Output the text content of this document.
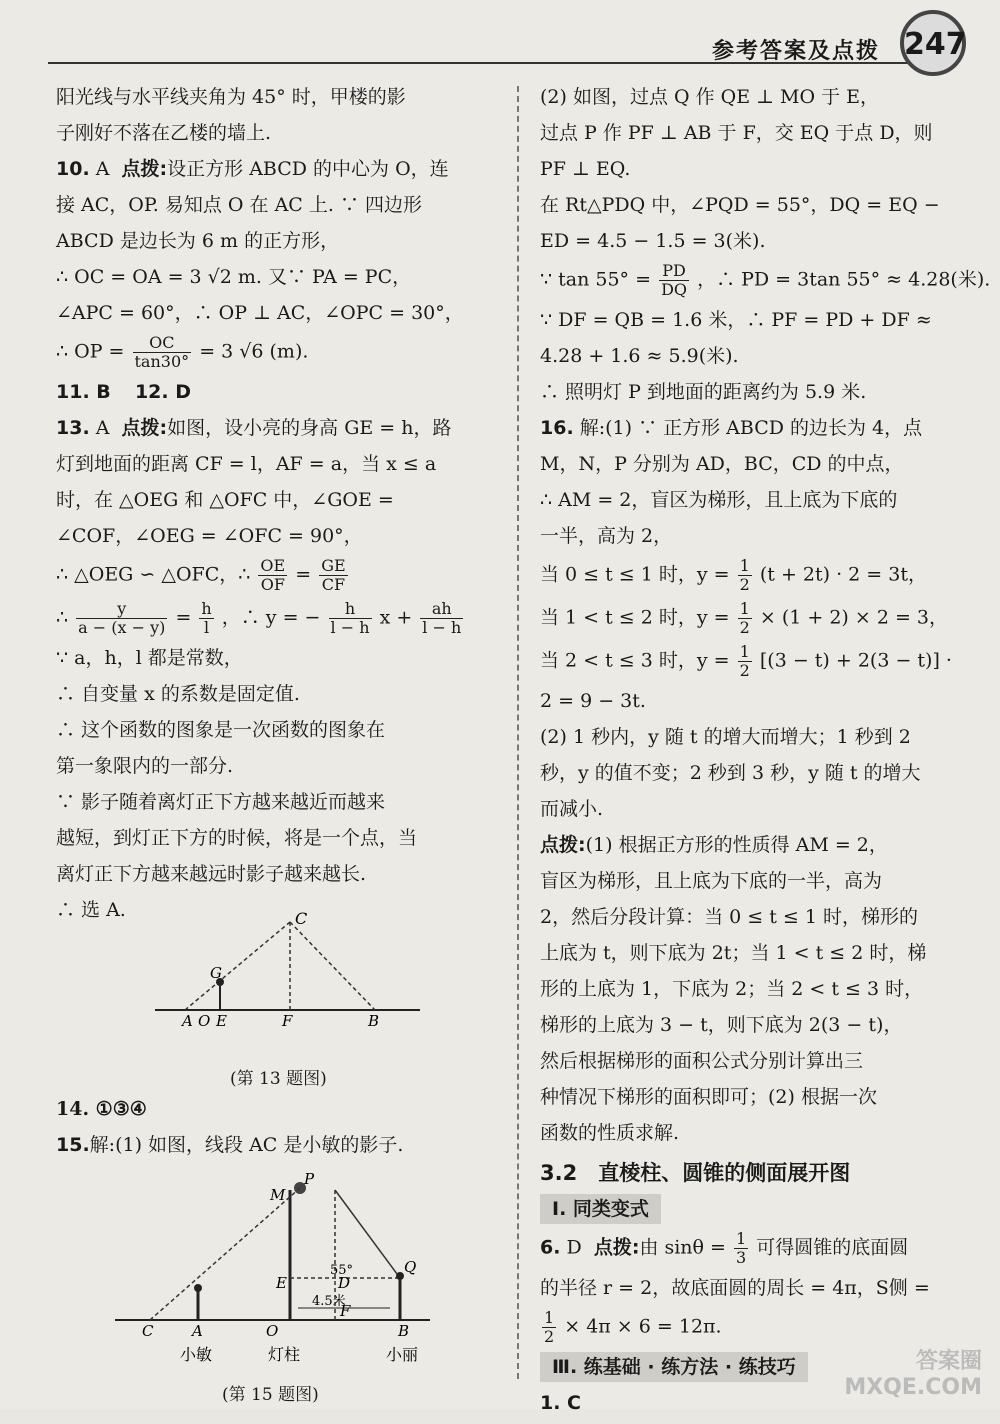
参考答案及点拨 247
阳光线与水平线夹角为 45° 时，甲楼的影
子刚好不落在乙楼的墙上.
10. A 点拨:设正方形 ABCD 的中心为 O，连
接 AC，OP. 易知点 O 在 AC 上. ∵ 四边形
ABCD 是边长为 6 m 的正方形，
∴ OC = OA = 3 √2 m. 又∵ PA = PC，
∠APC = 60°，∴ OP ⊥ AC，∠OPC = 30°，
∴ OP = $\frac{OC}{\tan 30^\circ} = 3$ √6 (m).
11. B 12. D
13. A 点拨:如图，设小亮的身高 GE = h，路
灯到地面的距离 CF = l，AF = a，当 x ≤ a
时，在 △OEG 和 △OFC 中，∠GOE =
∠COF，∠OEG = ∠OFC = 90°，
∴ △OEG ∽ △OFC，∴ $\frac{OE}{OF} = \frac{GE}{CF}$
∴ $\frac{y}{a - (x - y)} = \frac{h}{l}$ ，∴ y = − $\frac{h}{l - h}$ $x + \frac{ah}{l - h}$
∵ a，h，l 都是常数，
∴ 自变量 x 的系数是固定值.
∴ 这个函数的图象是一次函数的图象在
第一象限内的一部分.
∵ 影子随着离灯正下方越来越近而越来
越短，到灯正下方的时候，将是一个点，当
离灯正下方越来越远时影子越来越长.
∴ 选 A.	C
G
A O E	F	B
(第 13 题图)
14. ①③④
15.解:(1) 如图，线段 AC 是小敏的影子.
55°
4.5米
P
M
E	D
Q
F
C	A	O	B
小敏	灯柱	小丽
(第 15 题图)
(2) 如图，过点 Q 作 QE ⊥ MO 于 E，
过点 P 作 PF ⊥ AB 于 F，交 EQ 于点 D，则
PF ⊥ EQ.
在 Rt△PDQ 中，∠PQD = 55°，DQ = EQ −
ED = 4.5 − 1.5 = 3(米).
∵ $\tan 55^\circ = \frac{PD}{DQ}$ ，∴ PD = 3tan 55° ≈ 4.28(米).
∵ DF = QB = 1.6 米，∴ PF = PD + DF ≈
4.28 + 1.6 ≈ 5.9(米).
∴ 照明灯 P 到地面的距离约为 5.9 米.
16. 解:(1) ∵ 正方形 ABCD 的边长为 4，点
M，N，P 分别为 AD，BC，CD 的中点，
∴ AM = 2，盲区为梯形，且上底为下底的
一半，高为 2，
当 0 ≤ t ≤ 1 时，$y = \frac{1}{2} (t + 2t) \cdot 2 = 3t$，
当 1 < t ≤ 2 时，$y = \frac{1}{2} \times (1 + 2) \times 2 = 3$，
当 2 < t ≤ 3 时，$y = \frac{1}{2} [(3 - t) + 2(3 - t)]$ ·
2 = 9 − 3t.
(2) 1 秒内，y 随 t 的增大而增大；1 秒到 2
秒，y 的值不变；2 秒到 3 秒，y 随 t 的增大
而减小.
点拨:(1) 根据正方形的性质得 AM = 2，
盲区为梯形，且上底为下底的一半，高为
2，然后分段计算：当 0 ≤ t ≤ 1 时，梯形的
上底为 t，则下底为 2t；当 1 < t ≤ 2 时，梯
形的上底为 1，下底为 2；当 2 < t ≤ 3 时，
梯形的上底为 3 − t，则下底为 2(3 − t)，
然后根据梯形的面积公式分别计算出三
种情况下梯形的面积即可；(2) 根据一次
函数的性质求解.
3.2　直棱柱、圆锥的侧面展开图
Ⅰ. 同类变式
6. D 点拨:由 $\sin\theta = \frac{1}{3}$ 可得圆锥的底面圆
的半径 r = 2，故底面圆的周长 = 4π，S侧 =
$\frac{1}{2} \times 4\pi \times 6 = 12\pi$.
Ⅲ. 练基础 · 练方法 · 练技巧
1. C
答案圈
MXQE.COM
